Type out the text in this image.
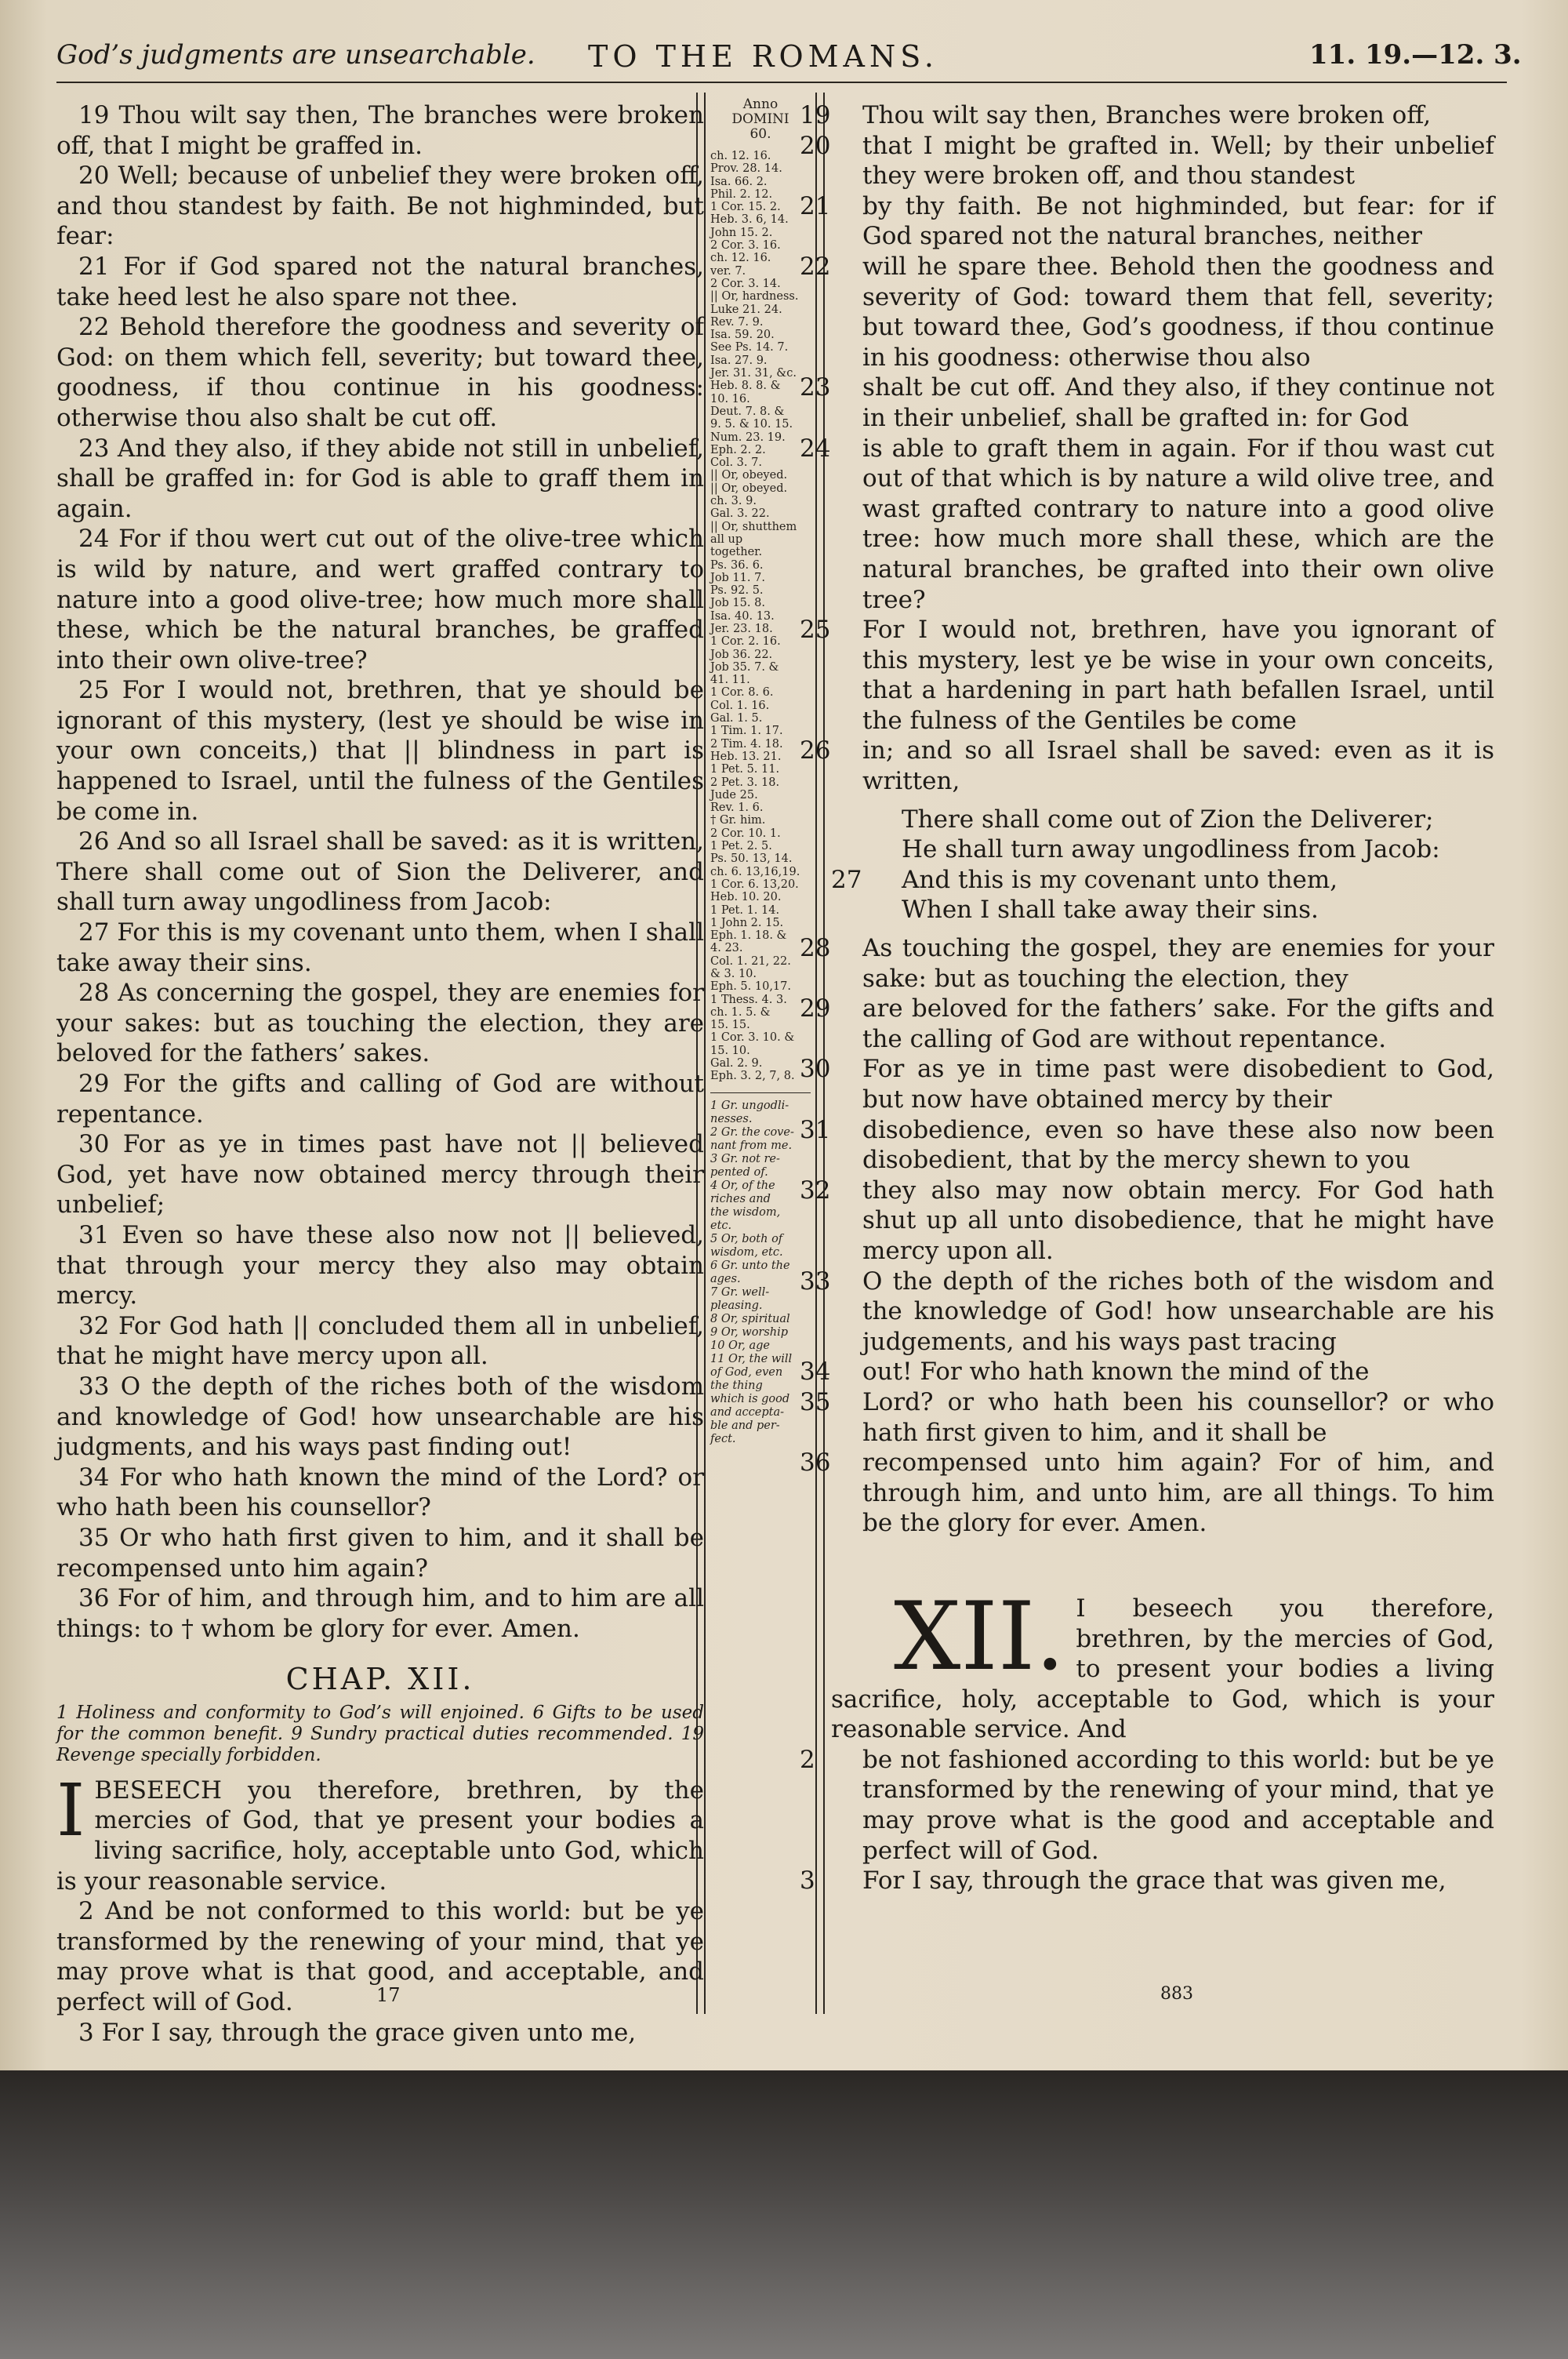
God’s judgments are unsearchable. TO THE ROMANS.	11. 19.—12. 3.

19 Thou wilt say then, The branches were broken off, that I might be graffed in.

20 Well; because of unbelief they were broken off, and thou standest by faith. Be not highminded, but fear:

21 For if God spared not the natural branches, take heed lest he also spare not thee.

22 Behold therefore the goodness and severity of God: on them which fell, severity; but toward thee, goodness, if thou continue in his goodness: otherwise thou also shalt be cut off.

23 And they also, if they abide not still in unbelief, shall be graffed in: for God is able to graff them in again.

24 For if thou wert cut out of the olive-tree which is wild by nature, and wert graffed contrary to nature into a good olive-tree; how much more shall these, which be the natural branches, be graffed into their own olive-tree?

25 For I would not, brethren, that ye should be ignorant of this mystery, (lest ye should be wise in your own conceits,) that || blindness in part is happened to Israel, until the fulness of the Gentiles be come in.

26 And so all Israel shall be saved: as it is written, There shall come out of Sion the Deliverer, and shall turn away ungodliness from Jacob:

27 For this is my covenant unto them, when I shall take away their sins.

28 As concerning the gospel, they are enemies for your sakes: but as touching the election, they are beloved for the fathers’ sakes.

29 For the gifts and calling of God are without repentance.

30 For as ye in times past have not || believed God, yet have now obtained mercy through their unbelief;

31 Even so have these also now not || believed, that through your mercy they also may obtain mercy.

32 For God hath || concluded them all in unbelief, that he might have mercy upon all.

33 O the depth of the riches both of the wisdom and knowledge of God! how unsearchable are his judgments, and his ways past finding out!

34 For who hath known the mind of the Lord? or who hath been his counsellor?

35 Or who hath first given to him, and it shall be recompensed unto him again?

36 For of him, and through him, and to him are all things: to † whom be glory for ever. Amen.

CHAP. XII.

1 Holiness and conformity to God’s will enjoined. 6 Gifts to be used for the common benefit. 9 Sundry practical duties recommended. 19 Revenge specially forbidden.

I BESEECH you therefore, brethren, by the mercies of God, that ye present your bodies a living sacrifice, holy, acceptable unto God, which is your reasonable service.

2 And be not conformed to this world: but be ye transformed by the renewing of your mind, that ye may prove what is that good, and acceptable, and perfect will of God.

3 For I say, through the grace given unto me,

Anno
DOMINI
60.
ch. 12. 16.
Prov. 28. 14.
Isa. 66. 2.
Phil. 2. 12.
1 Cor. 15. 2.
Heb. 3. 6, 14.
John 15. 2.
2 Cor. 3. 16.
ch. 12. 16.
ver. 7.
2 Cor. 3. 14.
|| Or, hardness.
Luke 21. 24.
Rev. 7. 9.
Isa. 59. 20.
See Ps. 14. 7.
Isa. 27. 9.
Jer. 31. 31, &c.
Heb. 8. 8. &
10. 16.
Deut. 7. 8. &
9. 5. & 10. 15.
Num. 23. 19.
Eph. 2. 2.
Col. 3. 7.
|| Or, obeyed.
|| Or, obeyed.
ch. 3. 9.
Gal. 3. 22.
|| Or, shutthem
all up
together.
Ps. 36. 6.
Job 11. 7.
Ps. 92. 5.
Job 15. 8.
Isa. 40. 13.
Jer. 23. 18.
1 Cor. 2. 16.
Job 36. 22.
Job 35. 7. &
41. 11.
1 Cor. 8. 6.
Col. 1. 16.
Gal. 1. 5.
1 Tim. 1. 17.
2 Tim. 4. 18.
Heb. 13. 21.
1 Pet. 5. 11.
2 Pet. 3. 18.
Jude 25.
Rev. 1. 6.
† Gr. him.
2 Cor. 10. 1.
1 Pet. 2. 5.
Ps. 50. 13, 14.
ch. 6. 13,16,19.
1 Cor. 6. 13,20.
Heb. 10. 20.
1 Pet. 1. 14.
1 John 2. 15.
Eph. 1. 18. &
4. 23.
Col. 1. 21, 22.
& 3. 10.
Eph. 5. 10,17.
1 Thess. 4. 3.
ch. 1. 5. &
15. 15.
1 Cor. 3. 10. &
15. 10.
Gal. 2. 9.
Eph. 3. 2, 7, 8.
1 Gr. ungodli-
nesses.
2 Gr. the cove-
nant from me.
3 Gr. not re-
pented of.
4 Or, of the
riches and
the wisdom,
etc.
5 Or, both of
wisdom, etc.
6 Gr. unto the
ages.
7 Gr. well-
pleasing.
8 Or, spiritual
9 Or, worship
10 Or, age
11 Or, the will
of God, even
the thing
which is good
and accepta-
ble and per-
fect.

19 Thou wilt say then, Branches were broken off,

20 that I might be grafted in. Well; by their unbelief they were broken off, and thou standest

21 by thy faith. Be not highminded, but fear: for if God spared not the natural branches, neither

22 will he spare thee. Behold then the goodness and severity of God: toward them that fell, severity; but toward thee, God’s goodness, if thou continue in his goodness: otherwise thou also

23 shalt be cut off. And they also, if they continue not in their unbelief, shall be grafted in: for God

24 is able to graft them in again. For if thou wast cut out of that which is by nature a wild olive tree, and wast grafted contrary to nature into a good olive tree: how much more shall these, which are the natural branches, be grafted into their own olive tree?

25 For I would not, brethren, have you ignorant of this mystery, lest ye be wise in your own conceits, that a hardening in part hath befallen Israel, until the fulness of the Gentiles be come

26 in; and so all Israel shall be saved: even as it is written,

There shall come out of Zion the Deliverer;
He shall turn away ungodliness from Jacob:
27 And this is my covenant unto them,
When I shall take away their sins.

28 As touching the gospel, they are enemies for your sake: but as touching the election, they

29 are beloved for the fathers’ sake. For the gifts and the calling of God are without repentance.

30 For as ye in time past were disobedient to God, but now have obtained mercy by their

31 disobedience, even so have these also now been disobedient, that by the mercy shewn to you

32 they also may now obtain mercy. For God hath shut up all unto disobedience, that he might have mercy upon all.

33 O the depth of the riches both of the wisdom and the knowledge of God! how unsearchable are his judgements, and his ways past tracing

34 out! For who hath known the mind of the

35 Lord? or who hath been his counsellor? or who hath first given to him, and it shall be

36 recompensed unto him again? For of him, and through him, and unto him, are all things. To him be the glory for ever. Amen.

XII. I beseech you therefore, brethren, by the mercies of God, to present your bodies a living sacrifice, holy, acceptable to God, which is your reasonable service. And

2 be not fashioned according to this world: but be ye transformed by the renewing of your mind, that ye may prove what is the good and acceptable and perfect will of God.

3 For I say, through the grace that was given me,

17	883
